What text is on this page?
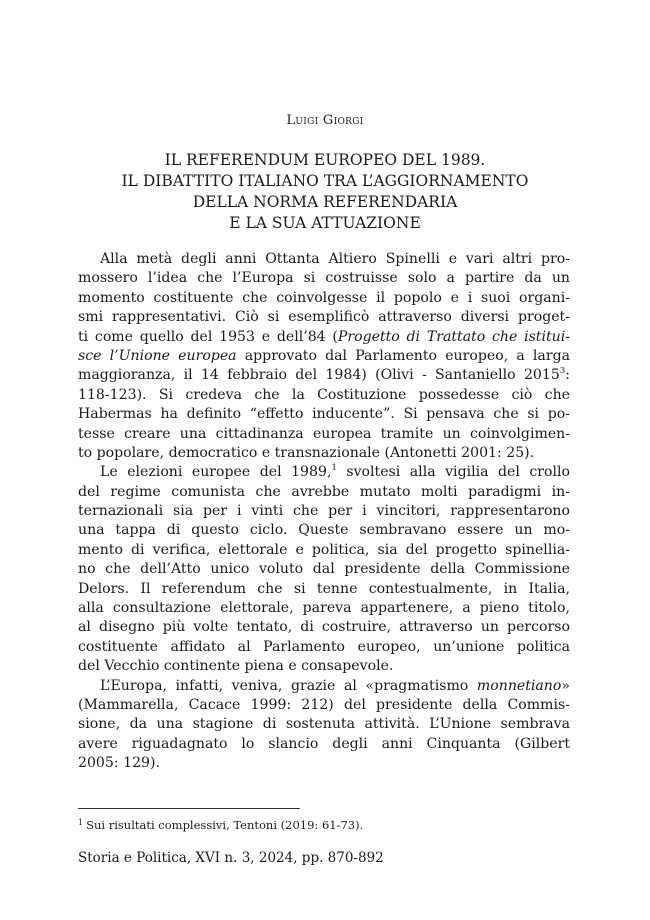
Luigi Giorgi
IL REFERENDUM EUROPEO DEL 1989.
IL DIBATTITO ITALIANO TRA L’AGGIORNAMENTO
DELLA NORMA REFERENDARIA
E LA SUA ATTUAZIONE
Alla metà degli anni Ottanta Altiero Spinelli e vari altri pro-
mossero l’idea che l’Europa si costruisse solo a partire da un
momento costituente che coinvolgesse il popolo e i suoi organi-
smi rappresentativi. Ciò si esemplificò attraverso diversi proget-
ti come quello del 1953 e dell’84 (Progetto di Trattato che istitui-
sce l’Unione europea approvato dal Parlamento europeo, a larga
maggioranza, il 14 febbraio del 1984) (Olivi - Santaniello 2015$^3$:
118-123). Si credeva che la Costituzione possedesse ciò che
Habermas ha definito “effetto inducente”. Si pensava che si po-
tesse creare una cittadinanza europea tramite un coinvolgimen-
to popolare, democratico e transnazionale (Antonetti 2001: 25).
Le elezioni europee del 1989,$^1$ svoltesi alla vigilia del crollo
del regime comunista che avrebbe mutato molti paradigmi in-
ternazionali sia per i vinti che per i vincitori, rappresentarono
una tappa di questo ciclo. Queste sembravano essere un mo-
mento di verifica, elettorale e politica, sia del progetto spinellia-
no che dell’Atto unico voluto dal presidente della Commissione
Delors. Il referendum che si tenne contestualmente, in Italia,
alla consultazione elettorale, pareva appartenere, a pieno titolo,
al disegno più volte tentato, di costruire, attraverso un percorso
costituente affidato al Parlamento europeo, un’unione politica
del Vecchio continente piena e consapevole.
L’Europa, infatti, veniva, grazie al «pragmatismo monnetiano»
(Mammarella, Cacace 1999: 212) del presidente della Commis-
sione, da una stagione di sostenuta attività. L’Unione sembrava
avere riguadagnato lo slancio degli anni Cinquanta (Gilbert
2005: 129).
$^1$ Sui risultati complessivi, Tentoni (2019: 61-73).
Storia e Politica, XVI n. 3, 2024, pp. 870-892
